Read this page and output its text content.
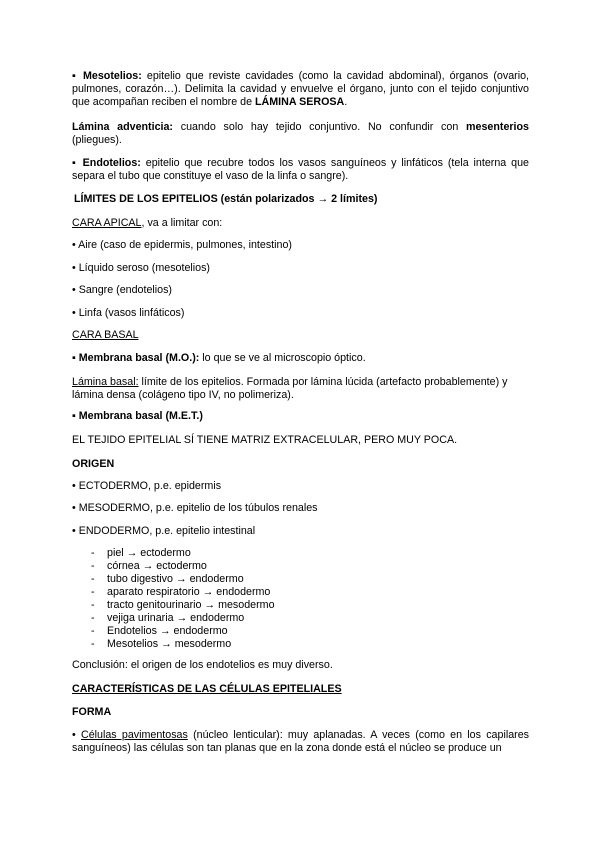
▪ Mesotelios: epitelio que reviste cavidades (como la cavidad abdominal), órganos (ovario, pulmones, corazón…). Delimita la cavidad y envuelve el órgano, junto con el tejido conjuntivo que acompañan reciben el nombre de LÁMINA SEROSA.

Lámina adventicia: cuando solo hay tejido conjuntivo. No confundir con mesenterios (pliegues).

▪ Endotelios: epitelio que recubre todos los vasos sanguíneos y linfáticos (tela interna que separa el tubo que constituye el vaso de la linfa o sangre).

LÍMITES DE LOS EPITELIOS (están polarizados → 2 límites)

CARA APICAL, va a limitar con:

• Aire (caso de epidermis, pulmones, intestino)

• Líquido seroso (mesotelios)

• Sangre (endotelios)

• Linfa (vasos linfáticos)

CARA BASAL

▪ Membrana basal (M.O.): lo que se ve al microscopio óptico.

Lámina basal: límite de los epitelios. Formada por lámina lúcida (artefacto probablemente) y lámina densa (colágeno tipo IV, no polimeriza).

▪ Membrana basal (M.E.T.)

EL TEJIDO EPITELIAL SÍ TIENE MATRIZ EXTRACELULAR, PERO MUY POCA.

ORIGEN

• ECTODERMO, p.e. epidermis

• MESODERMO, p.e. epitelio de los túbulos renales

• ENDODERMO, p.e. epitelio intestinal

- piel → ectodermo
- córnea → ectodermo
- tubo digestivo → endodermo
- aparato respiratorio → endodermo
- tracto genitourinario → mesodermo
- vejiga urinaria → endodermo
- Endotelios → endodermo
- Mesotelios → mesodermo

Conclusión: el origen de los endotelios es muy diverso.

CARACTERÍSTICAS DE LAS CÉLULAS EPITELIALES

FORMA

• Células pavimentosas (núcleo lenticular): muy aplanadas. A veces (como en los capilares sanguíneos) las células son tan planas que en la zona donde está el núcleo se produce un
